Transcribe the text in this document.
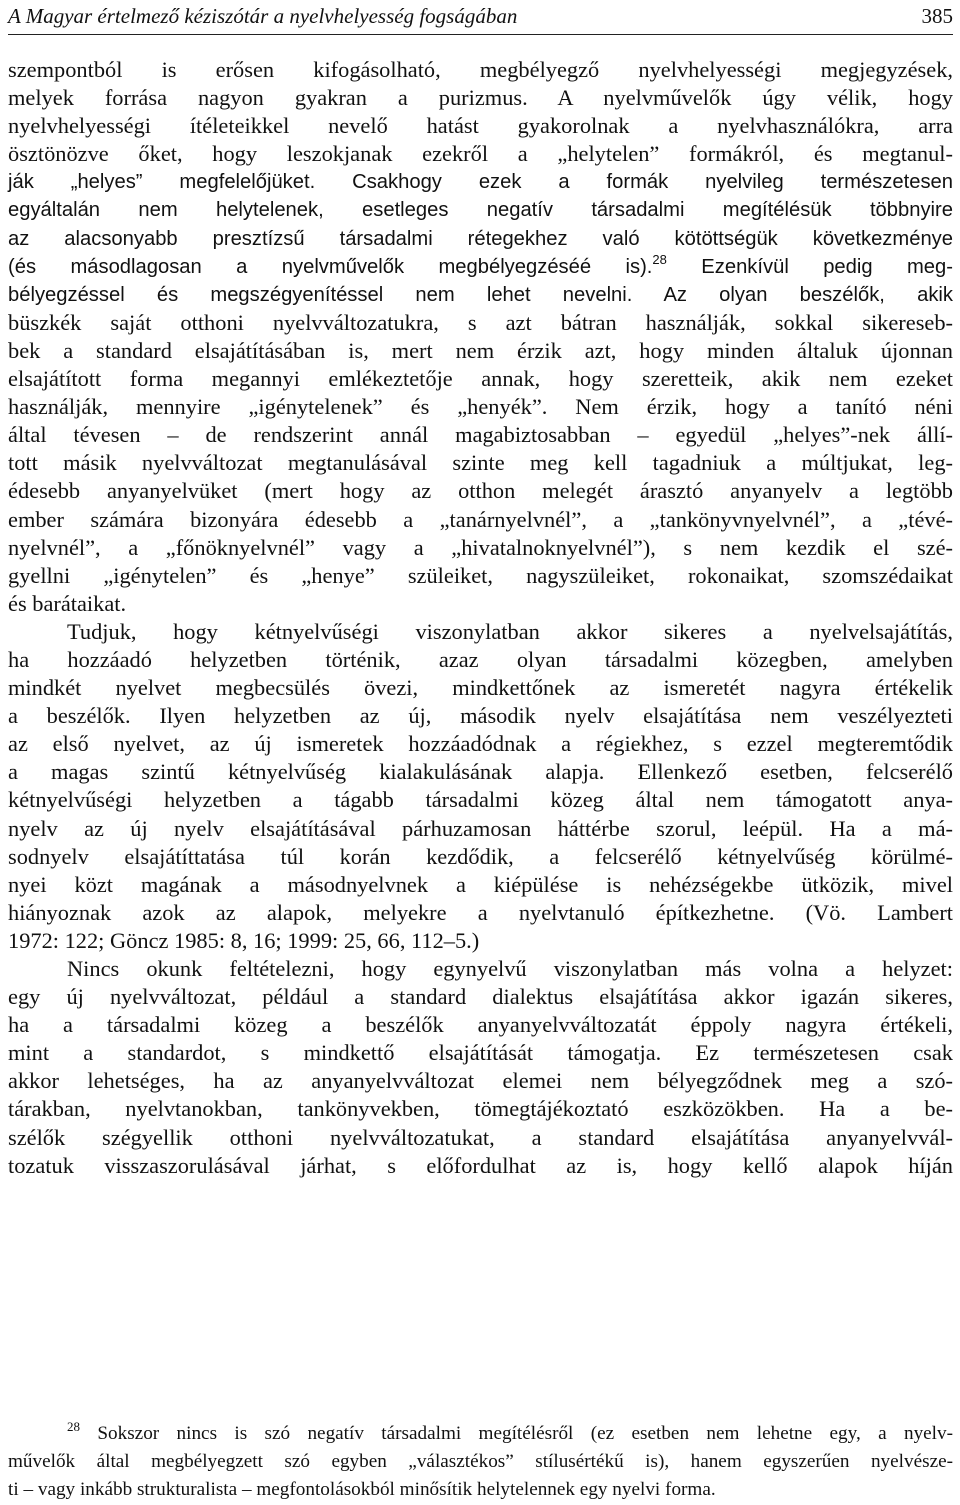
A Magyar értelmező kéziszótár a nyelvhelyesség fogságában	385
szempontból is erősen kifogásolható, megbélyegző nyelvhelyességi megjegyzések,
melyek forrása nagyon gyakran a purizmus. A nyelvművelők úgy vélik, hogy
nyelvhelyességi ítéleteikkel nevelő hatást gyakorolnak a nyelvhasználókra, arra
ösztönözve őket, hogy leszokjanak ezekről a „helytelen” formákról, és megtanul-
ják „helyes” megfelelőjüket. Csakhogy ezek a formák nyelvileg természetesen
egyáltalán nem helytelenek, esetleges negatív társadalmi megítélésük többnyire
az alacsonyabb presztízsű társadalmi rétegekhez való kötöttségük következménye
(és másodlagosan a nyelvművelők megbélyegzéséé is).$^{28}$ Ezenkívül pedig meg-
bélyegzéssel és megszégyenítéssel nem lehet nevelni. Az olyan beszélők, akik
büszkék saját otthoni nyelvváltozatukra, s azt bátran használják, sokkal sikereseb-
bek a standard elsajátításában is, mert nem érzik azt, hogy minden általuk újonnan
elsajátított forma megannyi emlékeztetője annak, hogy szeretteik, akik nem ezeket
használják, mennyire „igénytelenek” és „henyék”. Nem érzik, hogy a tanító néni
által tévesen – de rendszerint annál magabiztosabban – egyedül „helyes”-nek állí-
tott másik nyelvváltozat megtanulásával szinte meg kell tagadniuk a múltjukat, leg-
édesebb anyanyelvüket (mert hogy az otthon melegét árasztó anyanyelv a legtöbb
ember számára bizonyára édesebb a „tanárnyelvnél”, a „tankönyvnyelvnél”, a „tévé-
nyelvnél”, a „főnöknyelvnél” vagy a „hivatalnoknyelvnél”), s nem kezdik el szé-
gyellni „igénytelen” és „henye” szüleiket, nagyszüleiket, rokonaikat, szomszédaikat
és barátaikat.
Tudjuk, hogy kétnyelvűségi viszonylatban akkor sikeres a nyelvelsajátítás,
ha hozzáadó helyzetben történik, azaz olyan társadalmi közegben, amelyben
mindkét nyelvet megbecsülés övezi, mindkettőnek az ismeretét nagyra értékelik
a beszélők. Ilyen helyzetben az új, második nyelv elsajátítása nem veszélyezteti
az első nyelvet, az új ismeretek hozzáadódnak a régiekhez, s ezzel megteremtődik
a magas szintű kétnyelvűség kialakulásának alapja. Ellenkező esetben, felcserélő
kétnyelvűségi helyzetben a tágabb társadalmi közeg által nem támogatott anya-
nyelv az új nyelv elsajátításával párhuzamosan háttérbe szorul, leépül. Ha a má-
sodnyelv elsajátíttatása túl korán kezdődik, a felcserélő kétnyelvűség körülmé-
nyei közt magának a másodnyelvnek a kiépülése is nehézségekbe ütközik, mivel
hiányoznak azok az alapok, melyekre a nyelvtanuló építkezhetne. (Vö. Lambert
1972: 122; Göncz 1985: 8, 16; 1999: 25, 66, 112–5.)
Nincs okunk feltételezni, hogy egynyelvű viszonylatban más volna a helyzet:
egy új nyelvváltozat, például a standard dialektus elsajátítása akkor igazán sikeres,
ha a társadalmi közeg a beszélők anyanyelvváltozatát éppoly nagyra értékeli,
mint a standardot, s mindkettő elsajátítását támogatja. Ez természetesen csak
akkor lehetséges, ha az anyanyelvváltozat elemei nem bélyegződnek meg a szó-
tárakban, nyelvtanokban, tankönyvekben, tömegtájékoztató eszközökben. Ha a be-
szélők szégyellik otthoni nyelvváltozatukat, a standard elsajátítása anyanyelvvál-
tozatuk visszaszorulásával járhat, s előfordulhat az is, hogy kellő alapok híján
$^{28}$ Sokszor nincs is szó negatív társadalmi megítélésről (ez esetben nem lehetne egy, a nyelv-
művelők által megbélyegzett szó egyben „választékos” stílusértékű is), hanem egyszerűen nyelvésze-
ti – vagy inkább strukturalista – megfontolásokból minősítik helytelennek egy nyelvi forma.
